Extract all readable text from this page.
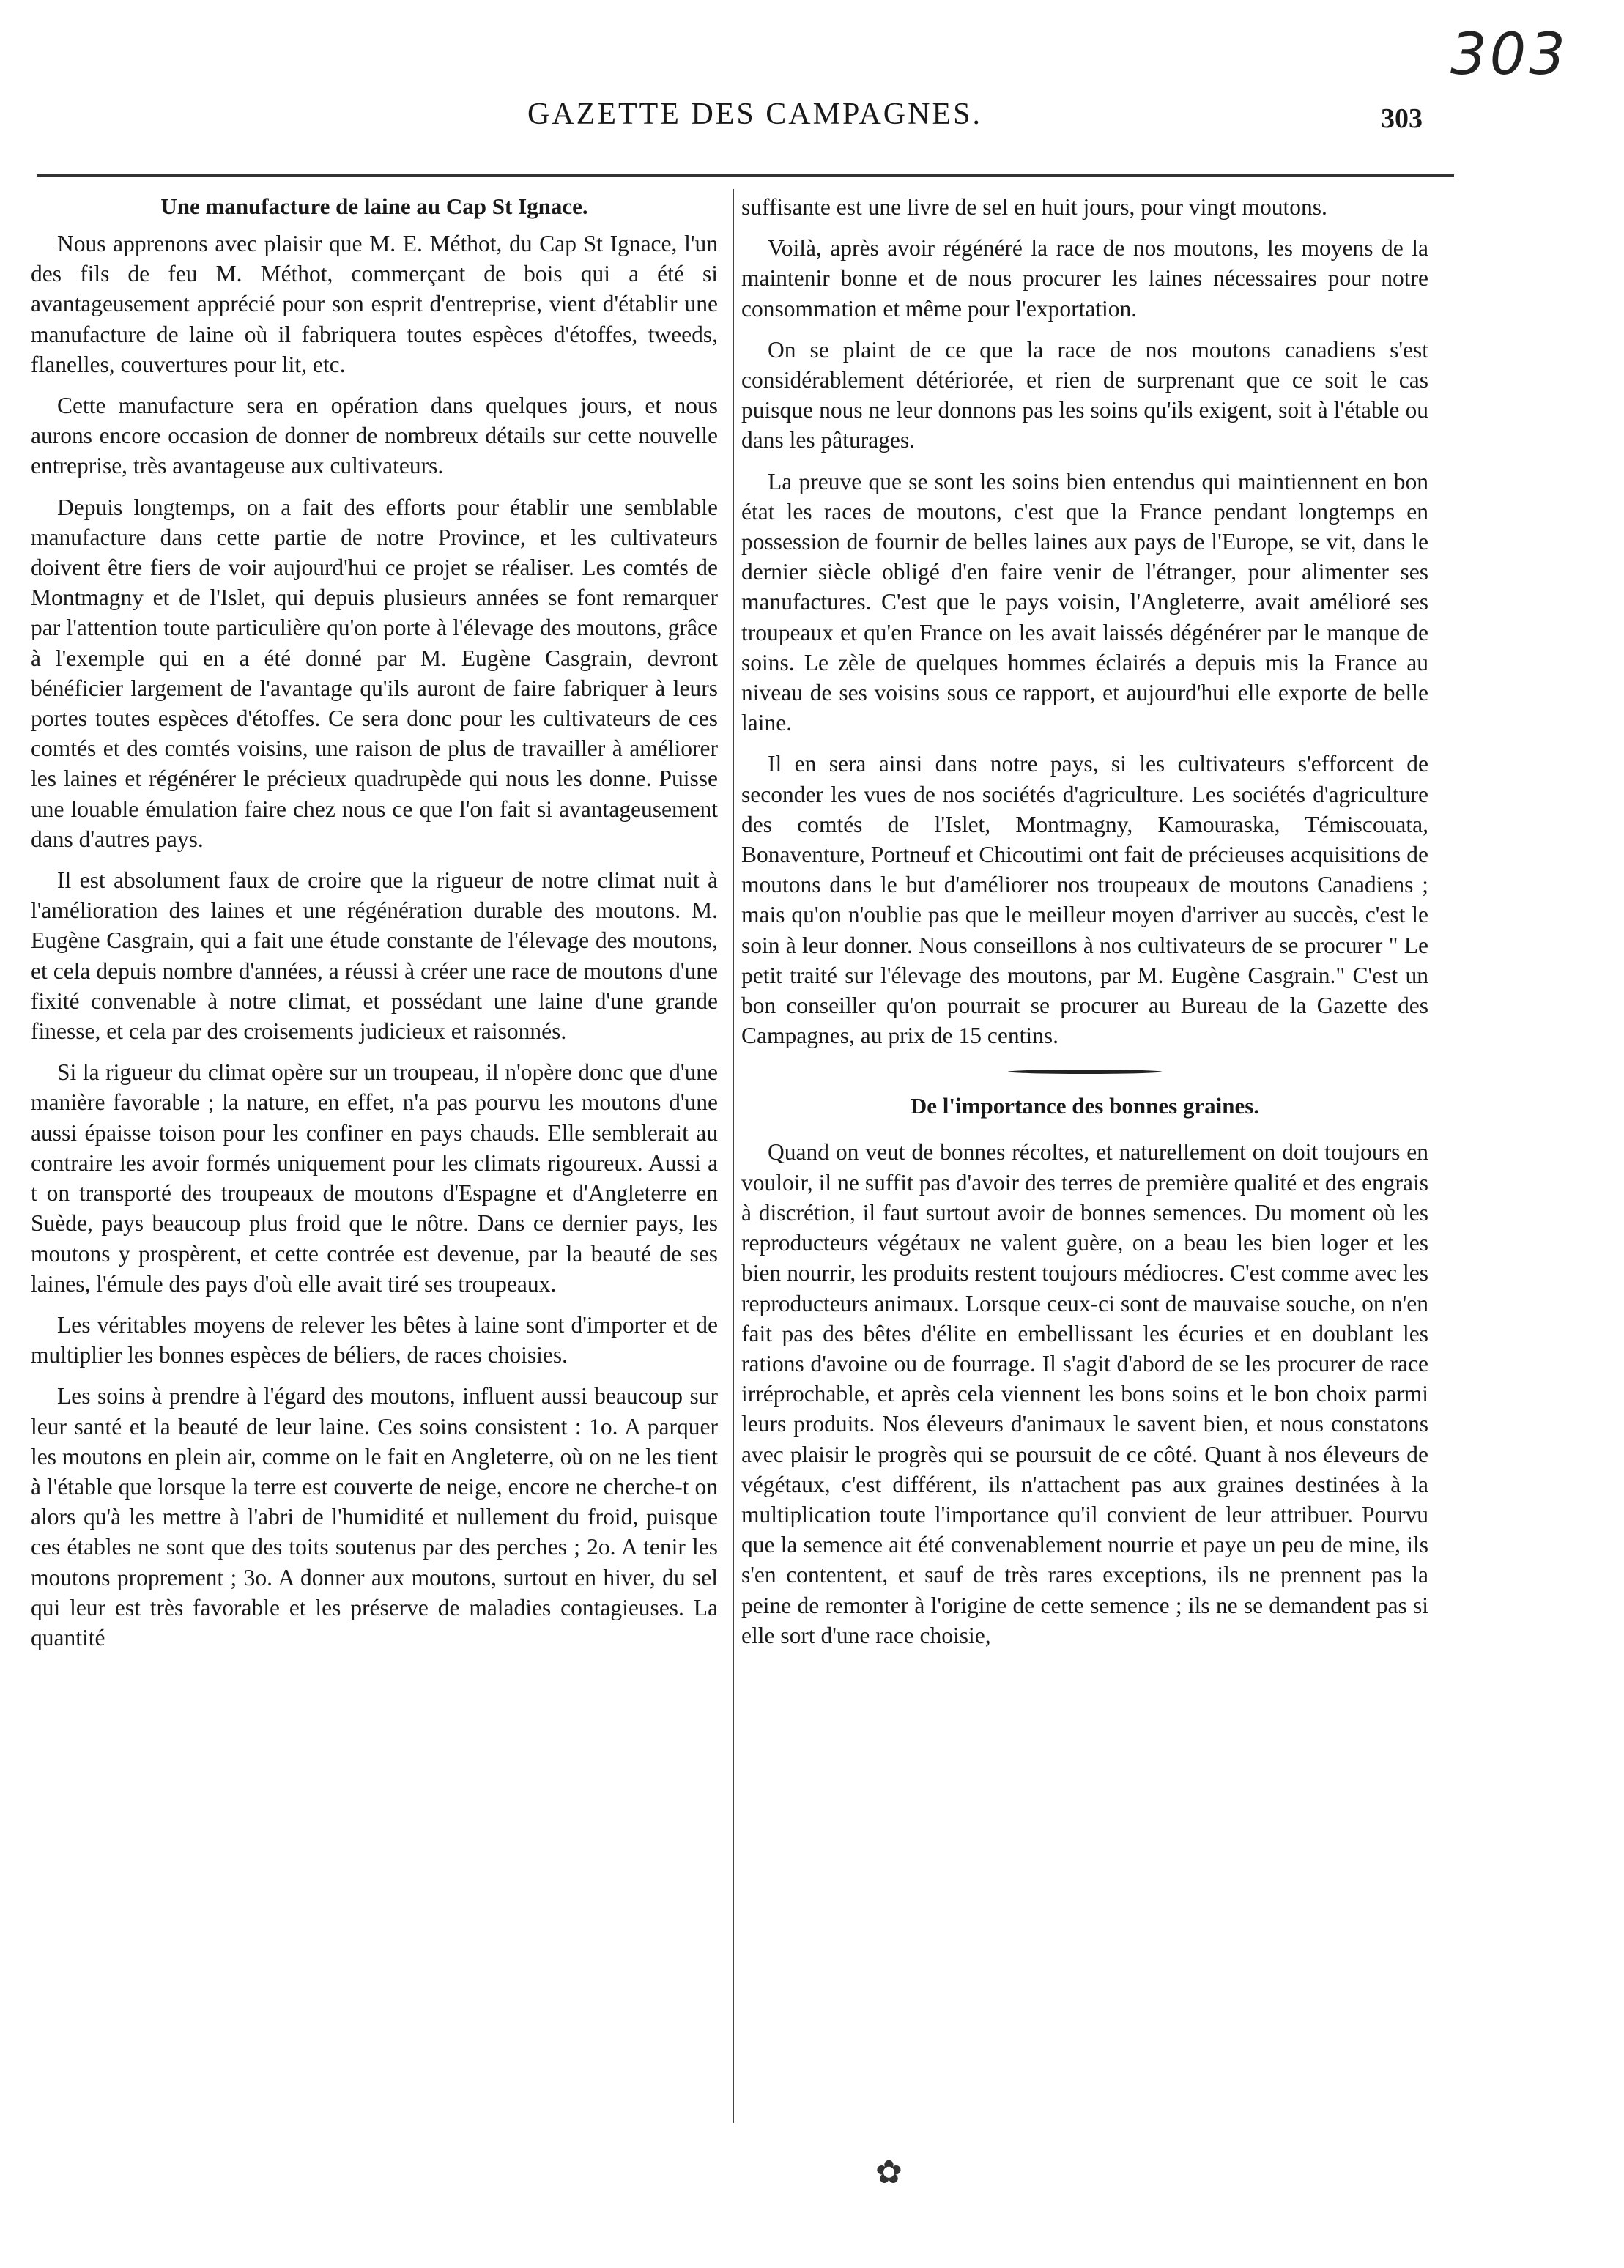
303
GAZETTE DES CAMPAGNES.	303
Une manufacture de laine au Cap St Ignace.

Nous apprenons avec plaisir que M. E. Méthot, du Cap St Ignace, l'un des fils de feu M. Méthot, commerçant de bois qui a été si avantageusement apprécié pour son esprit d'entreprise, vient d'établir une manufacture de laine où il fabriquera toutes espèces d'étoffes, tweeds, flanelles, couvertures pour lit, etc.

Cette manufacture sera en opération dans quelques jours, et nous aurons encore occasion de donner de nombreux détails sur cette nouvelle entreprise, très avantageuse aux cultivateurs.

Depuis longtemps, on a fait des efforts pour établir une semblable manufacture dans cette partie de notre Province, et les cultivateurs doivent être fiers de voir aujourd'hui ce projet se réaliser. Les comtés de Montmagny et de l'Islet, qui depuis plusieurs années se font remarquer par l'attention toute particulière qu'on porte à l'élevage des moutons, grâce à l'exemple qui en a été donné par M. Eugène Casgrain, devront bénéficier largement de l'avantage qu'ils auront de faire fabriquer à leurs portes toutes espèces d'étoffes. Ce sera donc pour les cultivateurs de ces comtés et des comtés voisins, une raison de plus de travailler à améliorer les laines et régénérer le précieux quadrupède qui nous les donne. Puisse une louable émulation faire chez nous ce que l'on fait si avantageusement dans d'autres pays.

Il est absolument faux de croire que la rigueur de notre climat nuit à l'amélioration des laines et une régénération durable des moutons. M. Eugène Casgrain, qui a fait une étude constante de l'élevage des moutons, et cela depuis nombre d'années, a réussi à créer une race de moutons d'une fixité convenable à notre climat, et possédant une laine d'une grande finesse, et cela par des croisements judicieux et raisonnés.

Si la rigueur du climat opère sur un troupeau, il n'opère donc que d'une manière favorable ; la nature, en effet, n'a pas pourvu les moutons d'une aussi épaisse toison pour les confiner en pays chauds. Elle semblerait au contraire les avoir formés uniquement pour les climats rigoureux. Aussi a t on transporté des troupeaux de moutons d'Espagne et d'Angleterre en Suède, pays beaucoup plus froid que le nôtre. Dans ce dernier pays, les moutons y prospèrent, et cette contrée est devenue, par la beauté de ses laines, l'émule des pays d'où elle avait tiré ses troupeaux.

Les véritables moyens de relever les bêtes à laine sont d'importer et de multiplier les bonnes espèces de béliers, de races choisies.

Les soins à prendre à l'égard des moutons, influent aussi beaucoup sur leur santé et la beauté de leur laine. Ces soins consistent : 1o. A parquer les moutons en plein air, comme on le fait en Angleterre, où on ne les tient à l'étable que lorsque la terre est couverte de neige, encore ne cherche-t on alors qu'à les mettre à l'abri de l'humidité et nullement du froid, puisque ces étables ne sont que des toits soutenus par des perches ; 2o. A tenir les moutons proprement ; 3o. A donner aux moutons, surtout en hiver, du sel qui leur est très favorable et les préserve de maladies contagieuses. La quantité

suffisante est une livre de sel en huit jours, pour vingt moutons.

Voilà, après avoir régénéré la race de nos moutons, les moyens de la maintenir bonne et de nous procurer les laines nécessaires pour notre consommation et même pour l'exportation.

On se plaint de ce que la race de nos moutons canadiens s'est considérablement détériorée, et rien de surprenant que ce soit le cas puisque nous ne leur donnons pas les soins qu'ils exigent, soit à l'étable ou dans les pâturages.

La preuve que se sont les soins bien entendus qui maintiennent en bon état les races de moutons, c'est que la France pendant longtemps en possession de fournir de belles laines aux pays de l'Europe, se vit, dans le dernier siècle obligé d'en faire venir de l'étranger, pour alimenter ses manufactures. C'est que le pays voisin, l'Angleterre, avait amélioré ses troupeaux et qu'en France on les avait laissés dégénérer par le manque de soins. Le zèle de quelques hommes éclairés a depuis mis la France au niveau de ses voisins sous ce rapport, et aujourd'hui elle exporte de belle laine.

Il en sera ainsi dans notre pays, si les cultivateurs s'efforcent de seconder les vues de nos sociétés d'agriculture. Les sociétés d'agriculture des comtés de l'Islet, Montmagny, Kamouraska, Témiscouata, Bonaventure, Portneuf et Chicoutimi ont fait de précieuses acquisitions de moutons dans le but d'améliorer nos troupeaux de moutons Canadiens ; mais qu'on n'oublie pas que le meilleur moyen d'arriver au succès, c'est le soin à leur donner. Nous conseillons à nos cultivateurs de se procurer " Le petit traité sur l'élevage des moutons, par M. Eugène Casgrain." C'est un bon conseiller qu'on pourrait se procurer au Bureau de la Gazette des Campagnes, au prix de 15 centins.

De l'importance des bonnes graines.

Quand on veut de bonnes récoltes, et naturellement on doit toujours en vouloir, il ne suffit pas d'avoir des terres de première qualité et des engrais à discrétion, il faut surtout avoir de bonnes semences. Du moment où les reproducteurs végétaux ne valent guère, on a beau les bien loger et les bien nourrir, les produits restent toujours médiocres. C'est comme avec les reproducteurs animaux. Lorsque ceux-ci sont de mauvaise souche, on n'en fait pas des bêtes d'élite en embellissant les écuries et en doublant les rations d'avoine ou de fourrage. Il s'agit d'abord de se les procurer de race irréprochable, et après cela viennent les bons soins et le bon choix parmi leurs produits. Nos éleveurs d'animaux le savent bien, et nous constatons avec plaisir le progrès qui se poursuit de ce côté. Quant à nos éleveurs de végétaux, c'est différent, ils n'attachent pas aux graines destinées à la multiplication toute l'importance qu'il convient de leur attribuer. Pourvu que la semence ait été convenablement nourrie et paye un peu de mine, ils s'en contentent, et sauf de très rares exceptions, ils ne prennent pas la peine de remonter à l'origine de cette semence ; ils ne se demandent pas si elle sort d'une race choisie,

✿
